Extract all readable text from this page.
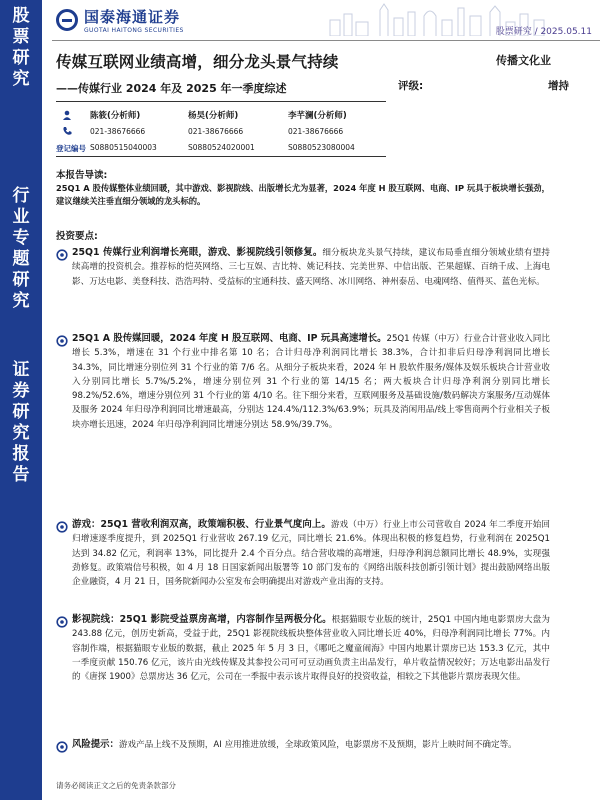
股
票
研
究
行
业
专
题
研
究
证
券
研
究
报
告
国泰海通证券
GUOTAI HAITONG SECURITIES	股票研究 / 2025.05.11
传媒互联网业绩高增，细分龙头景气持续	传播文化业
——传媒行业 2024 年及 2025 年一季度综述	评级:	增持
登记编号
陈筱(分析师)	杨昊(分析师)	李芊澜(分析师)
021-38676666	021-38676666	021-38676666
S0880515040003	S0880524020001	S0880523080004
本报告导读:
25Q1 A 股传媒整体业绩回暖，其中游戏、影视院线、出版增长尤为显著，2024 年度 H 股互联网、电商、IP 玩具于板块增长强劲，建议继续关注垂直细分领域的龙头标的。
投资要点:
25Q1 传媒行业利润增长亮眼，游戏、影视院线引领修复。细分板块龙头景气持续，建议布局垂直细分领域业绩有望持续高增的投资机会。推荐标的恺英网络、三七互娱、吉比特、姚记科技、完美世界、中信出版、芒果超媒、百纳千成、上海电影、万达电影、美登科技、浩浩玛特、受益标的宝通科技、盛天网络、冰川网络、神州泰岳、电魂网络、值得买、蓝色光标。
25Q1 A 股传媒回暖，2024 年度 H 股互联网、电商、IP 玩具高速增长。25Q1 传媒（中万）行业合计营业收入同比增长 5.3%，增速在 31 个行业中排名第 10 名；合计归母净利润同比增长 38.3%，合计扣非后归母净利润同比增长 34.3%，同比增速分别位列 31 个行业的第 7/6 名。从细分子板块来看，2024 年 H 股软件服务/媒体及娱乐板块合计营业收入分别同比增长 5.7%/5.2%，增速分别位列 31 个行业的第 14/15 名；两大板块合计归母净利润分别同比增长 98.2%/52.6%，增速分别位列 31 个行业的第 4/10 名。往下细分来看，互联网服务及基础设施/数码解决方案服务/互动媒体及服务 2024 年归母净利润同比增速最高，分别达 124.4%/112.3%/63.9%；玩具及消闲用品/线上零售商两个行业相关子板块亦增长迅速，2024 年归母净利润同比增速分别达 58.9%/39.7%。
游戏：25Q1 营收利润双高，政策端积极、行业景气度向上。游戏（中万）行业上市公司营收自 2024 年二季度开始回归增速逐季度提升，到 2025Q1 行业营收 267.19 亿元，同比增长 21.6%。体现出积极的修复趋势，行业利润在 2025Q1 达到 34.82 亿元，利润率 13%，同比提升 2.4 个百分点。结合营收端的高增速，归母净利润总额同比增长 48.9%，实现强劲修复。政策端信号积极，如 4 月 18 日国家新闻出版署等 10 部门发布的《网络出版科技创新引领计划》提出鼓励网络出版企业融资，4 月 21 日，国务院新闻办公室发布会明确提出对游戏产业出海的支持。
影视院线：25Q1 影院受益票房高增，内容制作呈两极分化。根据猫眼专业版的统计，25Q1 中国内地电影票房大盘为 243.88 亿元，创历史新高，受益于此，25Q1 影视院线板块整体营业收入同比增长近 40%，归母净利润同比增长 77%。内容制作端，根据猫眼专业版的数据，截止 2025 年 5 月 3 日，《哪吒之魔童闹海》中国内地累计票房已达 153.3 亿元，其中一季度贡献 150.76 亿元，该片由光线传媒及其参投公司可可豆动画负责主出品发行，单片收益情况较好；万达电影出品发行的《唐探 1900》总票房达 36 亿元，公司在一季报中表示该片取得良好的投资收益，相较之下其他影片票房表现欠佳。
风险提示：游戏产品上线不及预期，AI 应用推进放缓，全球政策风险，电影票房不及预期，影片上映时间不确定等。
请务必阅读正文之后的免责条款部分
